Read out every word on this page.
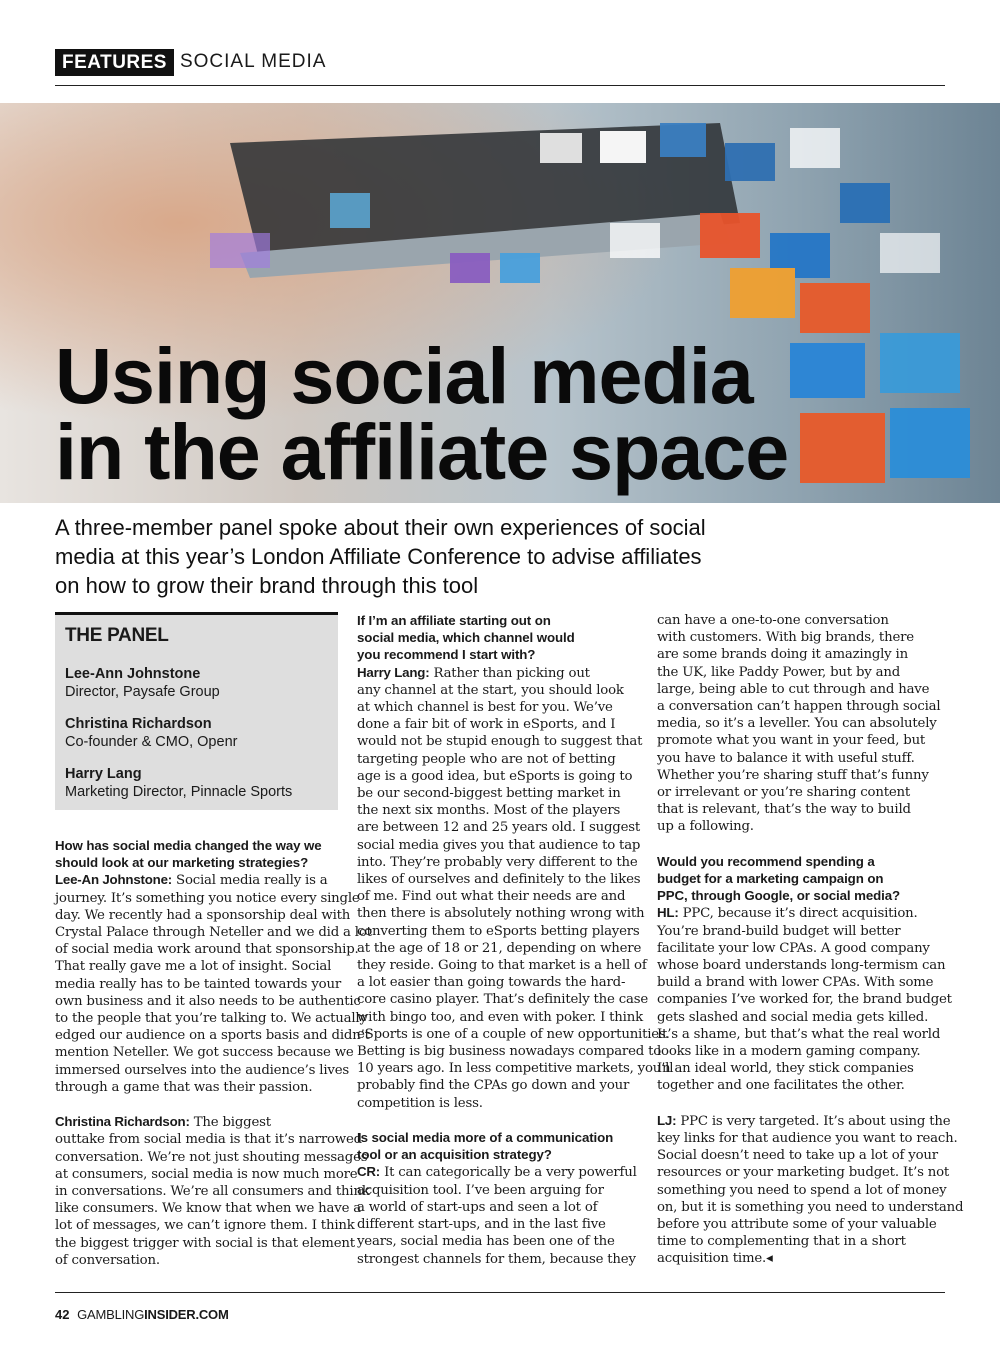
FEATURES SOCIAL MEDIA
Using social media
in the affiliate space

A three-member panel spoke about their own experiences of social
media at this year’s London Affiliate Conference to advise affiliates
on how to grow their brand through this tool

THE PANEL
Lee-Ann Johnstone
Director, Paysafe Group
Christina Richardson
Co-founder & CMO, Openr
Harry Lang
Marketing Director, Pinnacle Sports
How has social media changed the way we
should look at our marketing strategies?
Lee-An Johnstone: Social media really is a
journey. It’s something you notice every single
day. We recently had a sponsorship deal with
Crystal Palace through Neteller and we did a lot
of social media work around that sponsorship.
That really gave me a lot of insight. Social
media really has to be tainted towards your
own business and it also needs to be authentic
to the people that you’re talking to. We actually
edged our audience on a sports basis and didn’t
mention Neteller. We got success because we
immersed ourselves into the audience’s lives
through a game that was their passion.
Christina Richardson: The biggest
outtake from social media is that it’s narrowed
conversation. We’re not just shouting messages
at consumers, social media is now much more
in conversations. We’re all consumers and think
like consumers. We know that when we have a
lot of messages, we can’t ignore them. I think
the biggest trigger with social is that element
of conversation.
If I’m an affiliate starting out on
social media, which channel would
you recommend I start with?
Harry Lang: Rather than picking out
any channel at the start, you should look
at which channel is best for you. We’ve
done a fair bit of work in eSports, and I
would not be stupid enough to suggest that
targeting people who are not of betting
age is a good idea, but eSports is going to
be our second-biggest betting market in
the next six months. Most of the players
are between 12 and 25 years old. I suggest
social media gives you that audience to tap
into. They’re probably very different to the
likes of ourselves and definitely to the likes
of me. Find out what their needs are and
then there is absolutely nothing wrong with
converting them to eSports betting players
at the age of 18 or 21, depending on where
they reside. Going to that market is a hell of
a lot easier than going towards the hard-
core casino player. That’s definitely the case
with bingo too, and even with poker. I think
eSports is one of a couple of new opportunities.
Betting is big business nowadays compared to
10 years ago. In less competitive markets, you’ll
probably find the CPAs go down and your
competition is less.
Is social media more of a communication
tool or an acquisition strategy?
CR: It can categorically be a very powerful
acquisition tool. I’ve been arguing for
a world of start-ups and seen a lot of
different start-ups, and in the last five
years, social media has been one of the
strongest channels for them, because they
can have a one-to-one conversation
with customers. With big brands, there
are some brands doing it amazingly in
the UK, like Paddy Power, but by and
large, being able to cut through and have
a conversation can’t happen through social
media, so it’s a leveller. You can absolutely
promote what you want in your feed, but
you have to balance it with useful stuff.
Whether you’re sharing stuff that’s funny
or irrelevant or you’re sharing content
that is relevant, that’s the way to build
up a following.
Would you recommend spending a
budget for a marketing campaign on
PPC, through Google, or social media?
HL: PPC, because it’s direct acquisition.
You’re brand-build budget will better
facilitate your low CPAs. A good company
whose board understands long-termism can
build a brand with lower CPAs. With some
companies I’ve worked for, the brand budget
gets slashed and social media gets killed.
It’s a shame, but that’s what the real world
looks like in a modern gaming company.
In an ideal world, they stick companies
together and one facilitates the other.
LJ: PPC is very targeted. It’s about using the
key links for that audience you want to reach.
Social doesn’t need to take up a lot of your
resources or your marketing budget. It’s not
something you need to spend a lot of money
on, but it is something you need to understand
before you attribute some of your valuable
time to complementing that in a short
acquisition time.◂
42 GAMBLINGINSIDER.COM
